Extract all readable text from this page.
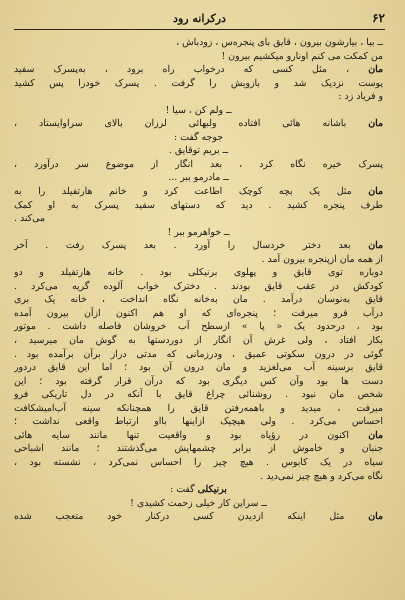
۶۲
درکرانه رود
ــ بیا ، بیارشون بیرون ، قایق بای پنجره‌س ، زودباش ،
من کمکت می کنم اونارو میکشیم بیرون !
مان ، مثل کسی که درخواب راه برود ، به‌پسرک سفید
پوست نزدیک شد و بازویش را گرفت . پسرک خودرا پس کشید
و فریاد زد :
ــ ولم کن ، سیا !
مان باشانه هائی افتاده ولبهائی لرزان بالای سراوایستاد ،
جوجه گفت :
ــ بریم توقایق .
پسرک خیره نگاه کرد ، بعد انگار از موضوع سر درآورد ،
ــ مادرمو ببر ...
مان مثل یک بچه کوچک اطاعت کرد و خانم هارتفیلد را به
طرف پنجره کشید . دید که دستهای سفید پسرک به او کمک
می‌کند .
ــ خواهرمو ببر !
مان بعد دختر خردسال را آورد . بعد پسرک رفت . آخر
از همه مان ازپنجره بیرون آمد .
دوباره توی قایق و پهلوی برنیکلی بود . خانه هارتفیلد و دو
کودکش در عقب قایق بودند . دخترک خواب آلوده گریه می‌کرد .
قایق به‌نوسان درآمد . مان به‌خانه نگاه انداخت ، خانه یک بری
درآب فرو میرفت ؛ پنجره‌ای که او هم اکنون ازآن بیرون آمده
بود ، درحدود یک « پا » ازسطح آب خروشان فاصله داشت . موتور
بکار افتاد ، ولی غرش آن انگار از دوردستها به گوش مان میرسید ،
گوئی در درون سکوتی عمیق ، ودرزمانی که مدتی دراز برآن برآمده بود .
قایق برسینه آب می‌لغزید و مان درون آن بود ؛ اما این قایق دردور
دست ها بود وآن کس دیگری بود که درآن قرار گرفته بود ؛ این
شخص مان نبود . روشنائی چراغ قایق با آنکه در دل تاریکی فرو
میرفت ، میدید و باهمه‌رفتن قایق را همچنانکه سینه آب‌امیشکافت
احساس می‌کرد . ولی هیچیک ازاینها بااو ارتباط واقعی نداشت ؛
مان اکنون در رؤیاه بود و واقعیت تنها مانند سایه هائی
جنبان و خاموش از برابر چشمهایش می‌گذشتند ؛ مانند اشباحی
سیاه در یک کابوس . هیچ چیز را احساس نمی‌کرد ، نشسته بود ،
نگاه می‌کرد و هیچ چیز نمی‌دید .
برنیکلی گفت :
ــ سراین کار خیلی زحمت کشیدی !
مان مثل اینکه ازدیدن کسی درکنار خود متعجب شده
